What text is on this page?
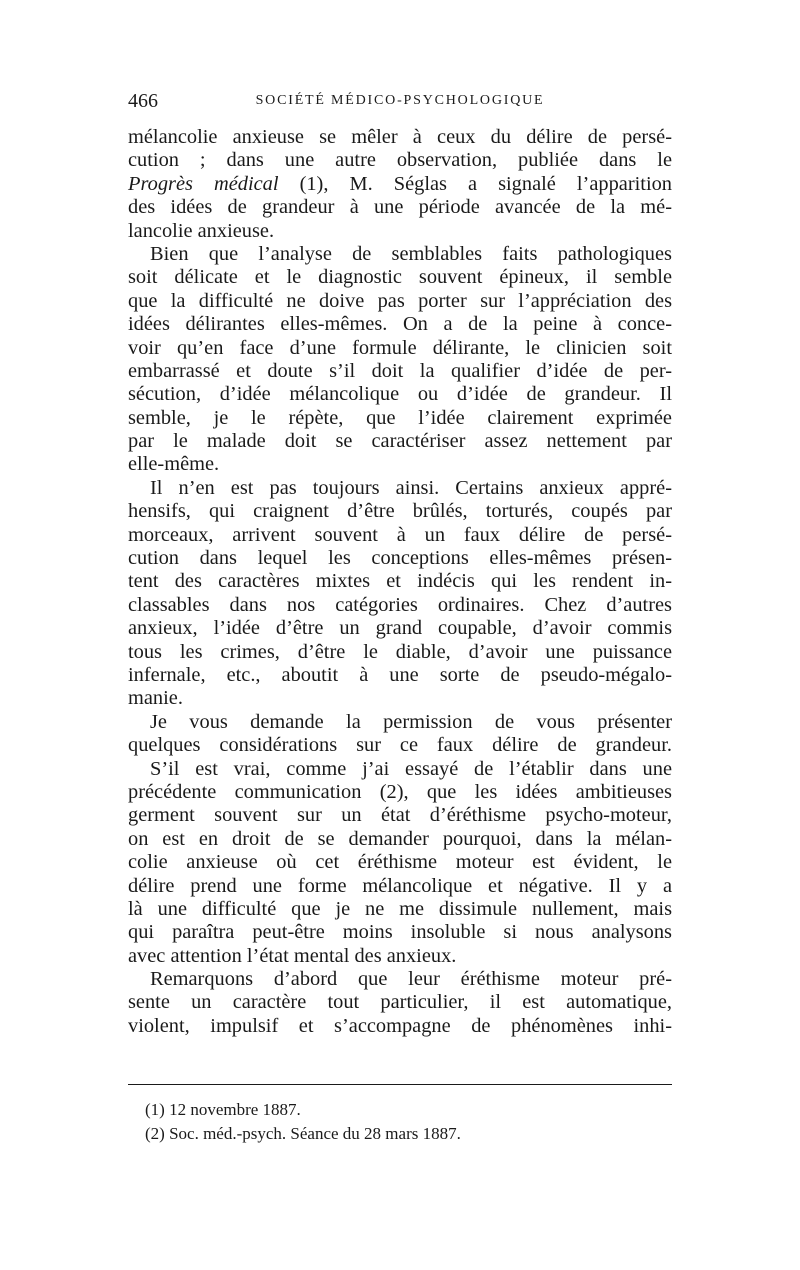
466	SOCIÉTÉ MÉDICO-PSYCHOLOGIQUE
mélancolie anxieuse se mêler à ceux du délire de persé-
cution ; dans une autre observation, publiée dans le
Progrès médical (1), M. Séglas a signalé l’apparition
des idées de grandeur à une période avancée de la mé-
lancolie anxieuse.
Bien que l’analyse de semblables faits pathologiques
soit délicate et le diagnostic souvent épineux, il semble
que la difficulté ne doive pas porter sur l’appréciation des
idées délirantes elles-mêmes. On a de la peine à conce-
voir qu’en face d’une formule délirante, le clinicien soit
embarrassé et doute s’il doit la qualifier d’idée de per-
sécution, d’idée mélancolique ou d’idée de grandeur. Il
semble, je le répète, que l’idée clairement exprimée
par le malade doit se caractériser assez nettement par
elle-même.
Il n’en est pas toujours ainsi. Certains anxieux appré-
hensifs, qui craignent d’être brûlés, torturés, coupés par
morceaux, arrivent souvent à un faux délire de persé-
cution dans lequel les conceptions elles-mêmes présen-
tent des caractères mixtes et indécis qui les rendent in-
classables dans nos catégories ordinaires. Chez d’autres
anxieux, l’idée d’être un grand coupable, d’avoir commis
tous les crimes, d’être le diable, d’avoir une puissance
infernale, etc., aboutit à une sorte de pseudo-mégalo-
manie.
Je vous demande la permission de vous présenter
quelques considérations sur ce faux délire de grandeur.
S’il est vrai, comme j’ai essayé de l’établir dans une
précédente communication (2), que les idées ambitieuses
germent souvent sur un état d’éréthisme psycho-moteur,
on est en droit de se demander pourquoi, dans la mélan-
colie anxieuse où cet éréthisme moteur est évident, le
délire prend une forme mélancolique et négative. Il y a
là une difficulté que je ne me dissimule nullement, mais
qui paraîtra peut-être moins insoluble si nous analysons
avec attention l’état mental des anxieux.
Remarquons d’abord que leur éréthisme moteur pré-
sente un caractère tout particulier, il est automatique,
violent, impulsif et s’accompagne de phénomènes inhi-
(1) 12 novembre 1887.
(2) Soc. méd.-psych. Séance du 28 mars 1887.
